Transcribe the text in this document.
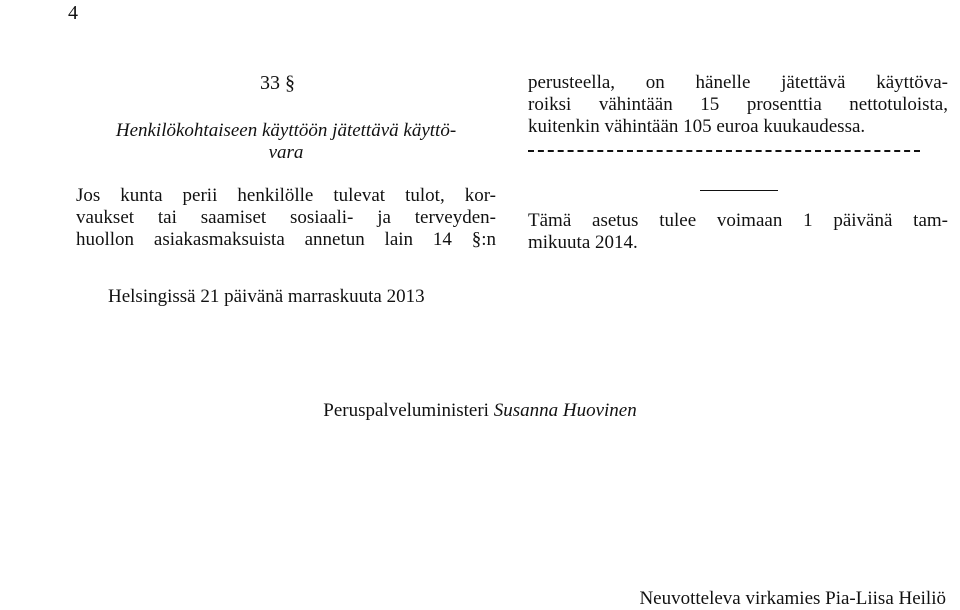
4
33 §
Henkilökohtaiseen käyttöön jätettävä käyttö-
vara
Jos kunta perii henkilölle tulevat tulot, kor-
vaukset tai saamiset sosiaali- ja terveyden-
huollon asiakasmaksuista annetun lain 14 §:n
perusteella, on hänelle jätettävä käyttöva-
roiksi vähintään 15 prosenttia nettotuloista,
kuitenkin vähintään 105 euroa kuukaudessa.
Tämä asetus tulee voimaan 1 päivänä tam-
mikuuta 2014.
Helsingissä 21 päivänä marraskuuta 2013
Peruspalveluministeri Susanna Huovinen
Neuvotteleva virkamies Pia-Liisa Heiliö
